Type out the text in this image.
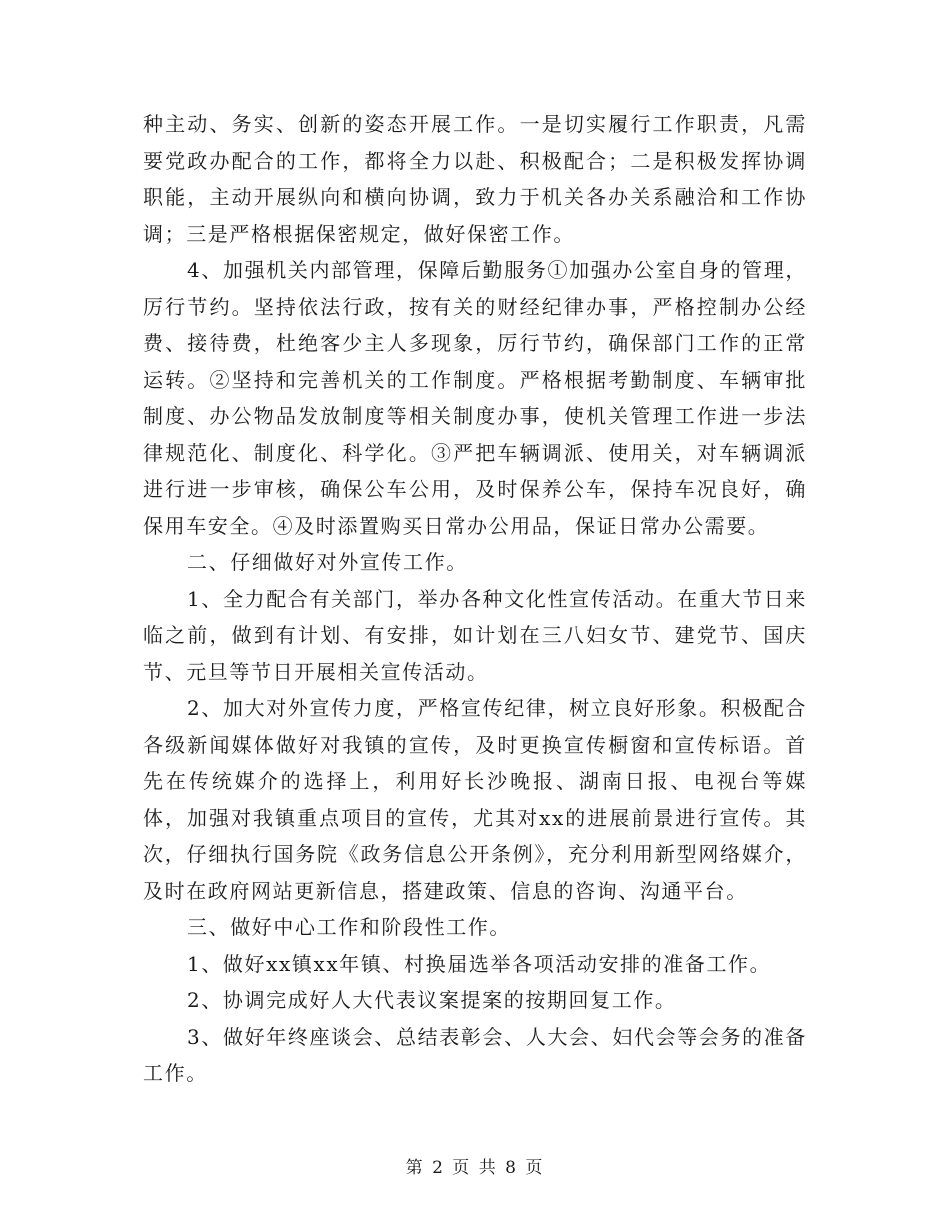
种主动、务实、创新的姿态开展工作。一是切实履行工作职责，凡需要党政办配合的工作，都将全力以赴、积极配合；二是积极发挥协调职能，主动开展纵向和横向协调，致力于机关各办关系融洽和工作协调；三是严格根据保密规定，做好保密工作。

4、加强机关内部管理，保障后勤服务①加强办公室自身的管理，厉行节约。坚持依法行政，按有关的财经纪律办事，严格控制办公经费、接待费，杜绝客少主人多现象，厉行节约，确保部门工作的正常运转。②坚持和完善机关的工作制度。严格根据考勤制度、车辆审批制度、办公物品发放制度等相关制度办事，使机关管理工作进一步法律规范化、制度化、科学化。③严把车辆调派、使用关，对车辆调派进行进一步审核，确保公车公用，及时保养公车，保持车况良好，确保用车安全。④及时添置购买日常办公用品，保证日常办公需要。

二、仔细做好对外宣传工作。

1、全力配合有关部门，举办各种文化性宣传活动。在重大节日来临之前，做到有计划、有安排，如计划在三八妇女节、建党节、国庆节、元旦等节日开展相关宣传活动。

2、加大对外宣传力度，严格宣传纪律，树立良好形象。积极配合各级新闻媒体做好对我镇的宣传，及时更换宣传橱窗和宣传标语。首先在传统媒介的选择上，利用好长沙晚报、湖南日报、电视台等媒体，加强对我镇重点项目的宣传，尤其对xx的进展前景进行宣传。其次，仔细执行国务院《政务信息公开条例》，充分利用新型网络媒介，及时在政府网站更新信息，搭建政策、信息的咨询、沟通平台。

三、做好中心工作和阶段性工作。

1、做好xx镇xx年镇、村换届选举各项活动安排的准备工作。

2、协调完成好人大代表议案提案的按期回复工作。

3、做好年终座谈会、总结表彰会、人大会、妇代会等会务的准备工作。

第 2 页 共 8 页
